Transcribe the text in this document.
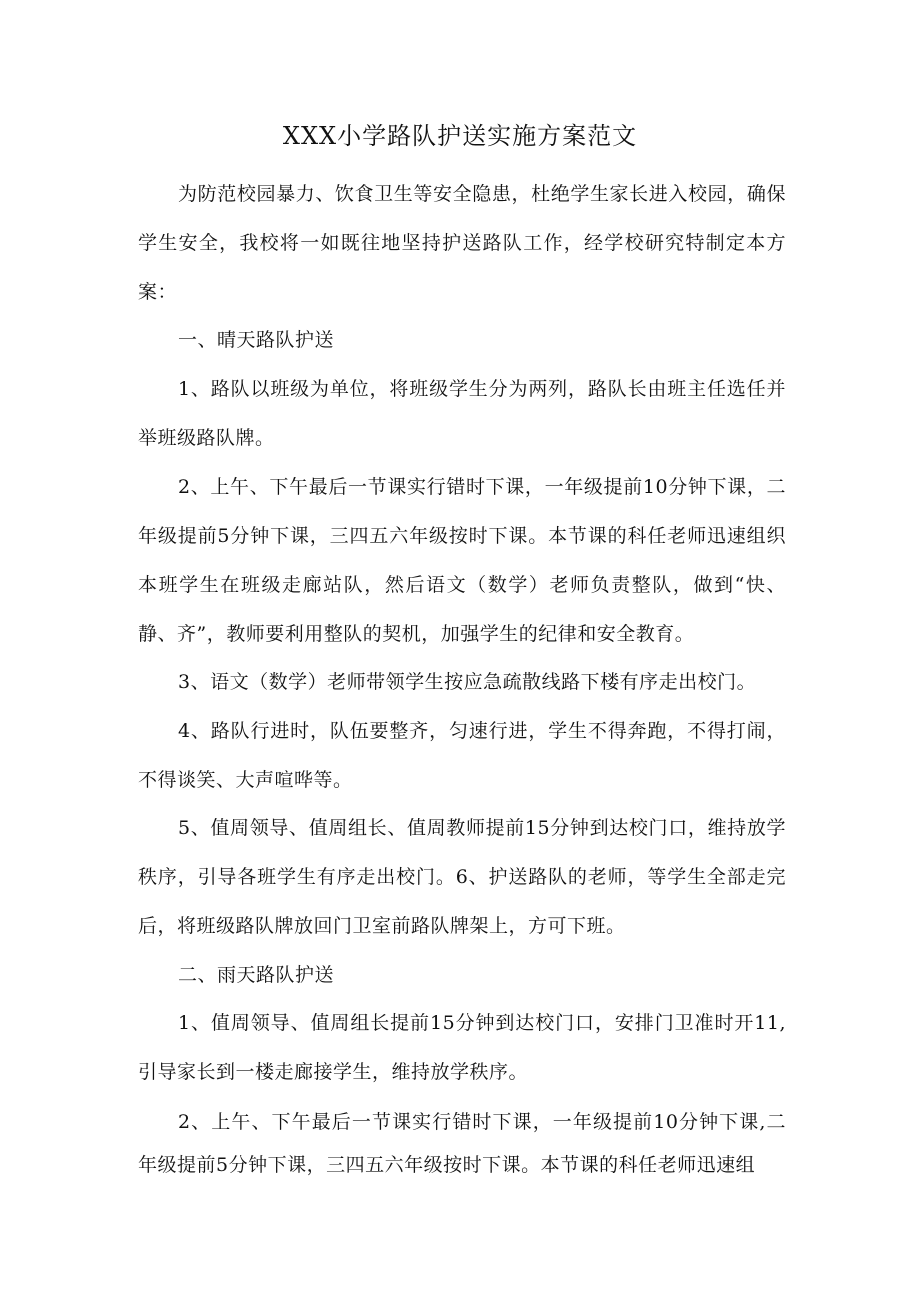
XXX小学路队护送实施方案范文

为防范校园暴力、饮食卫生等安全隐患，杜绝学生家长进入校园，确保学生安全，我校将一如既往地坚持护送路队工作，经学校研究特制定本方案：

一、晴天路队护送

1、路队以班级为单位，将班级学生分为两列，路队长由班主任选任并举班级路队牌。

2、上午、下午最后一节课实行错时下课，一年级提前10分钟下课，二年级提前5分钟下课，三四五六年级按时下课。本节课的科任老师迅速组织本班学生在班级走廊站队，然后语文（数学）老师负责整队，做到“快、静、齐”，教师要利用整队的契机，加强学生的纪律和安全教育。

3、语文（数学）老师带领学生按应急疏散线路下楼有序走出校门。

4、路队行进时，队伍要整齐，匀速行进，学生不得奔跑，不得打闹，不得谈笑、大声喧哗等。

5、值周领导、值周组长、值周教师提前15分钟到达校门口，维持放学秩序，引导各班学生有序走出校门。6、护送路队的老师，等学生全部走完后，将班级路队牌放回门卫室前路队牌架上，方可下班。

二、雨天路队护送

1、值周领导、值周组长提前15分钟到达校门口，安排门卫准时开11,引导家长到一楼走廊接学生，维持放学秩序。

2、上午、下午最后一节课实行错时下课，一年级提前10分钟下课,二年级提前5分钟下课，三四五六年级按时下课。本节课的科任老师迅速组
